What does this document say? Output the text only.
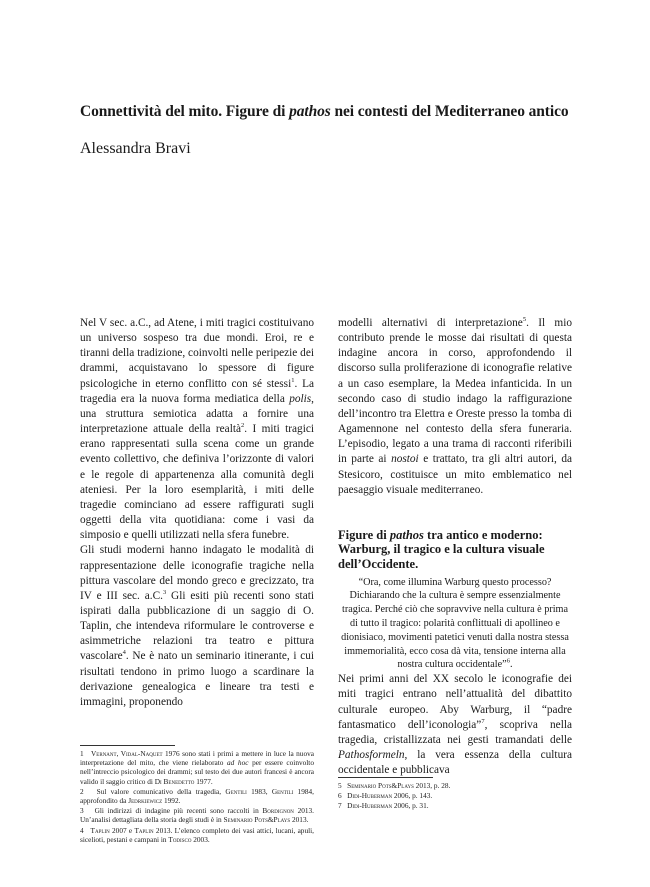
Connettività del mito. Figure di pathos nei contesti del Mediterraneo antico
Alessandra Bravi

Nel V sec. a.C., ad Atene, i miti tragici costituivano un universo sospeso tra due mondi. Eroi, re e tiranni della tradizione, coinvolti nelle peripezie dei drammi, acquistavano lo spessore di figure psicologiche in eterno conflitto con sé stessi$^1$. La tragedia era la nuova forma mediatica della polis, una struttura semiotica adatta a fornire una interpretazione attuale della realtà$^2$. I miti tragici erano rappresentati sulla scena come un grande evento collettivo, che definiva l’orizzonte di valori e le regole di appartenenza alla comunità degli ateniesi. Per la loro esemplarità, i miti delle tragedie cominciano ad essere raffigurati sugli oggetti della vita quotidiana: come i vasi da simposio e quelli utilizzati nella sfera funebre.

Gli studi moderni hanno indagato le modalità di rappresentazione delle iconografie tragiche nella pittura vascolare del mondo greco e grecizzato, tra IV e III sec. a.C.$^3$ Gli esiti più recenti sono stati ispirati dalla pubblicazione di un saggio di O. Taplin, che intendeva riformulare le controverse e asimmetriche relazioni tra teatro e pittura vascolare$^4$. Ne è nato un seminario itinerante, i cui risultati tendono in primo luogo a scardinare la derivazione genealogica e lineare tra testi e immagini, proponendo

1 Vernant, Vidal-Naquet 1976 sono stati i primi a mettere in luce la nuova interpretazione del mito, che viene rielaborato ad hoc per essere coinvolto nell’intreccio psicologico dei drammi; sul testo dei due autori francesi è ancora valido il saggio critico di Di Benedetto 1977.

2 Sul valore comunicativo della tragedia, Gentili 1983, Gentili 1984, approfondito da Jedrkiewicz 1992.

3 Gli indirizzi di indagine più recenti sono raccolti in Bordignon 2013. Un’analisi dettagliata della storia degli studi è in Seminario Pots&Plays 2013.

4 Taplin 2007 e Taplin 2013. L’elenco completo dei vasi attici, lucani, apuli, sicelioti, pestani e campani in Todisco 2003.

modelli alternativi di interpretazione$^5$. Il mio contributo prende le mosse dai risultati di questa indagine ancora in corso, approfondendo il discorso sulla proliferazione di iconografie relative a un caso esemplare, la Medea infanticida. In un secondo caso di studio indago la raffigurazione dell’incontro tra Elettra e Oreste presso la tomba di Agamennone nel contesto della sfera funeraria. L’episodio, legato a una trama di racconti riferibili in parte ai nostoi e trattato, tra gli altri autori, da Stesicoro, costituisce un mito emblematico nel paesaggio visuale mediterraneo.

Figure di pathos tra antico e moderno: Warburg, il tragico e la cultura visuale dell’Occidente.

“Ora, come illumina Warburg questo processo? Dichiarando che la cultura è sempre essenzialmente tragica. Perché ciò che sopravvive nella cultura è prima di tutto il tragico: polarità conflittuali di apollineo e dionisiaco, movimenti patetici venuti dalla nostra stessa immemorialità, ecco cosa dà vita, tensione interna alla nostra cultura occidentale”$^6$.

Nei primi anni del XX secolo le iconografie dei miti tragici entrano nell’attualità del dibattito culturale europeo. Aby Warburg, il “padre fantasmatico dell’iconologia”$^7$, scopriva nella tragedia, cristallizzata nei gesti tramandati delle Pathosformeln, la vera essenza della cultura occidentale e pubblicava

5 Seminario Pots&Plays 2013, p. 28.

6 Didi-Huberman 2006, p. 143.

7 Didi-Huberman 2006, p. 31.
